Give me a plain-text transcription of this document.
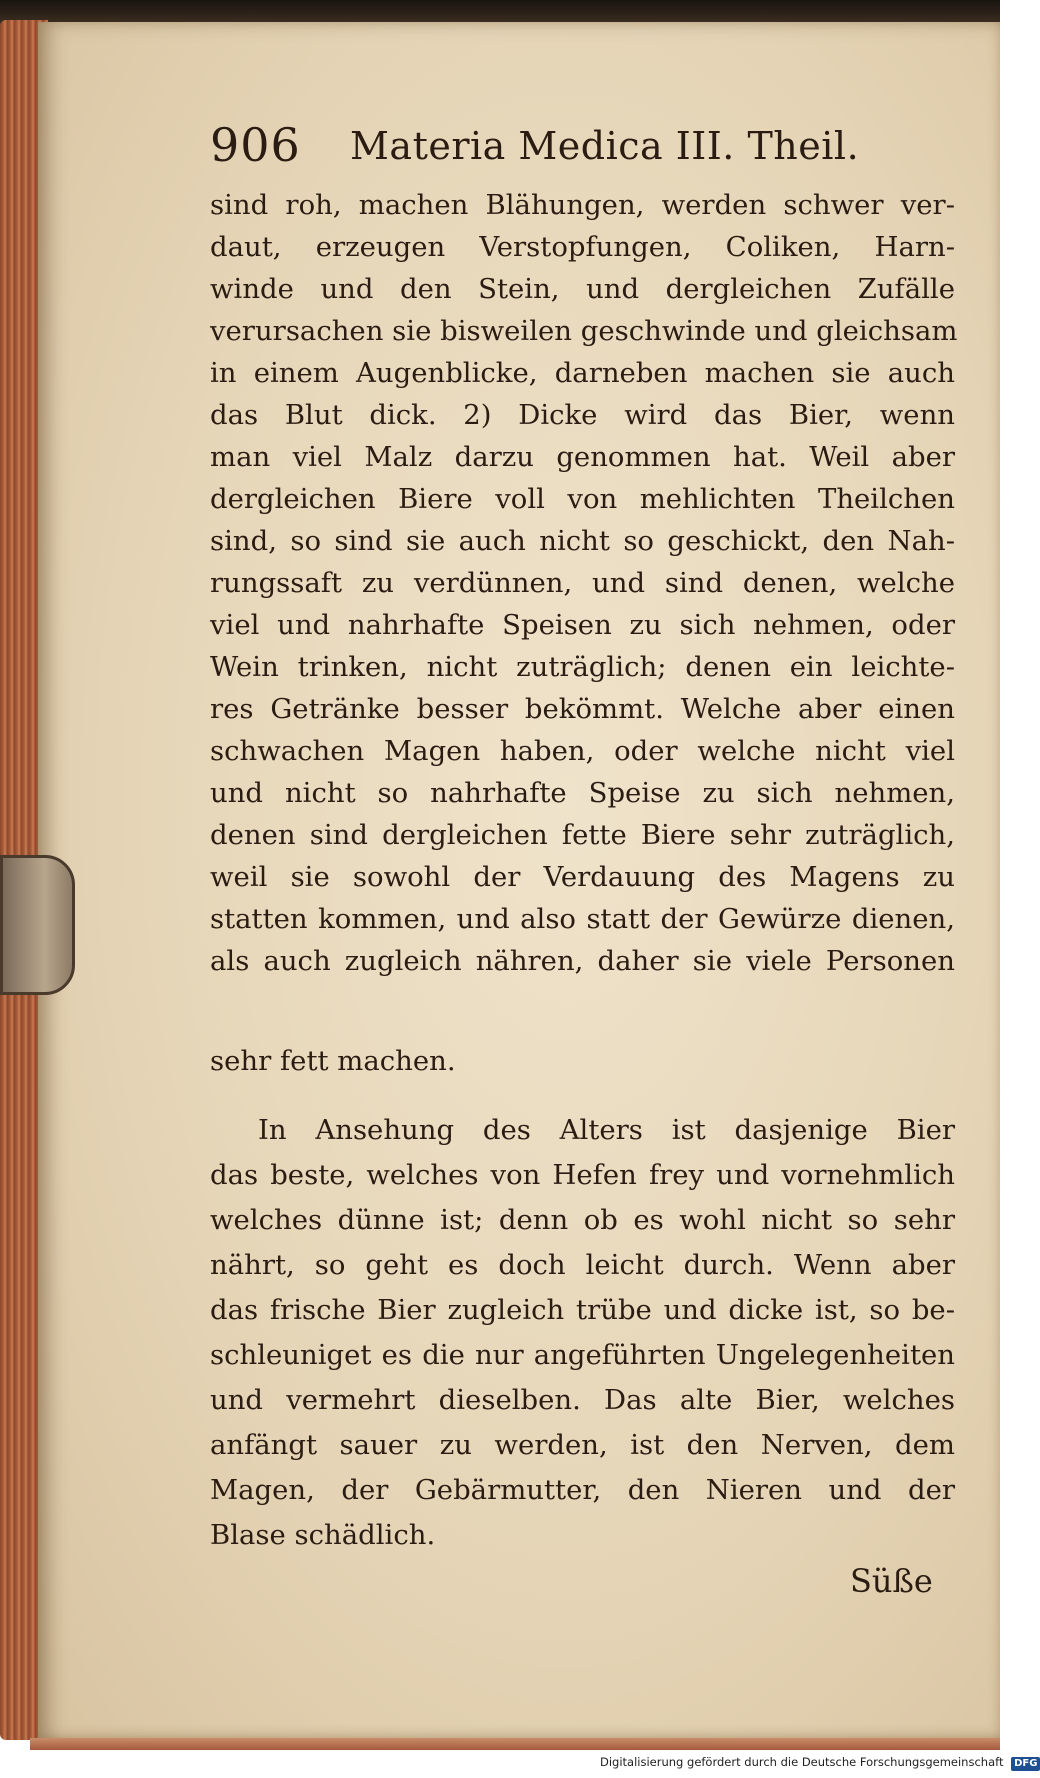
906 Materia Medica III. Theil.
sind roh, machen Blähungen, werden schwer ver-
daut, erzeugen Verstopfungen, Coliken, Harn-
winde und den Stein, und dergleichen Zufälle
verursachen sie bisweilen geschwinde und gleichsam
in einem Augenblicke, darneben machen sie auch
das Blut dick. 2) Dicke wird das Bier, wenn
man viel Malz darzu genommen hat. Weil aber
dergleichen Biere voll von mehlichten Theilchen
sind, so sind sie auch nicht so geschickt, den Nah-
rungssaft zu verdünnen, und sind denen, welche
viel und nahrhafte Speisen zu sich nehmen, oder
Wein trinken, nicht zuträglich; denen ein leichte-
res Getränke besser bekömmt. Welche aber einen
schwachen Magen haben, oder welche nicht viel
und nicht so nahrhafte Speise zu sich nehmen,
denen sind dergleichen fette Biere sehr zuträglich,
weil sie sowohl der Verdauung des Magens zu
statten kommen, und also statt der Gewürze dienen,
als auch zugleich nähren, daher sie viele Personen
sehr fett machen.
In Ansehung des Alters ist dasjenige Bier
das beste, welches von Hefen frey und vornehmlich
welches dünne ist; denn ob es wohl nicht so sehr
nährt, so geht es doch leicht durch. Wenn aber
das frische Bier zugleich trübe und dicke ist, so be-
schleuniget es die nur angeführten Ungelegenheiten
und vermehrt dieselben. Das alte Bier, welches
anfängt sauer zu werden, ist den Nerven, dem
Magen, der Gebärmutter, den Nieren und der
Blase schädlich.
Süße
Digitalisierung gefördert durch die Deutsche Forschungsgemeinschaft DFG
